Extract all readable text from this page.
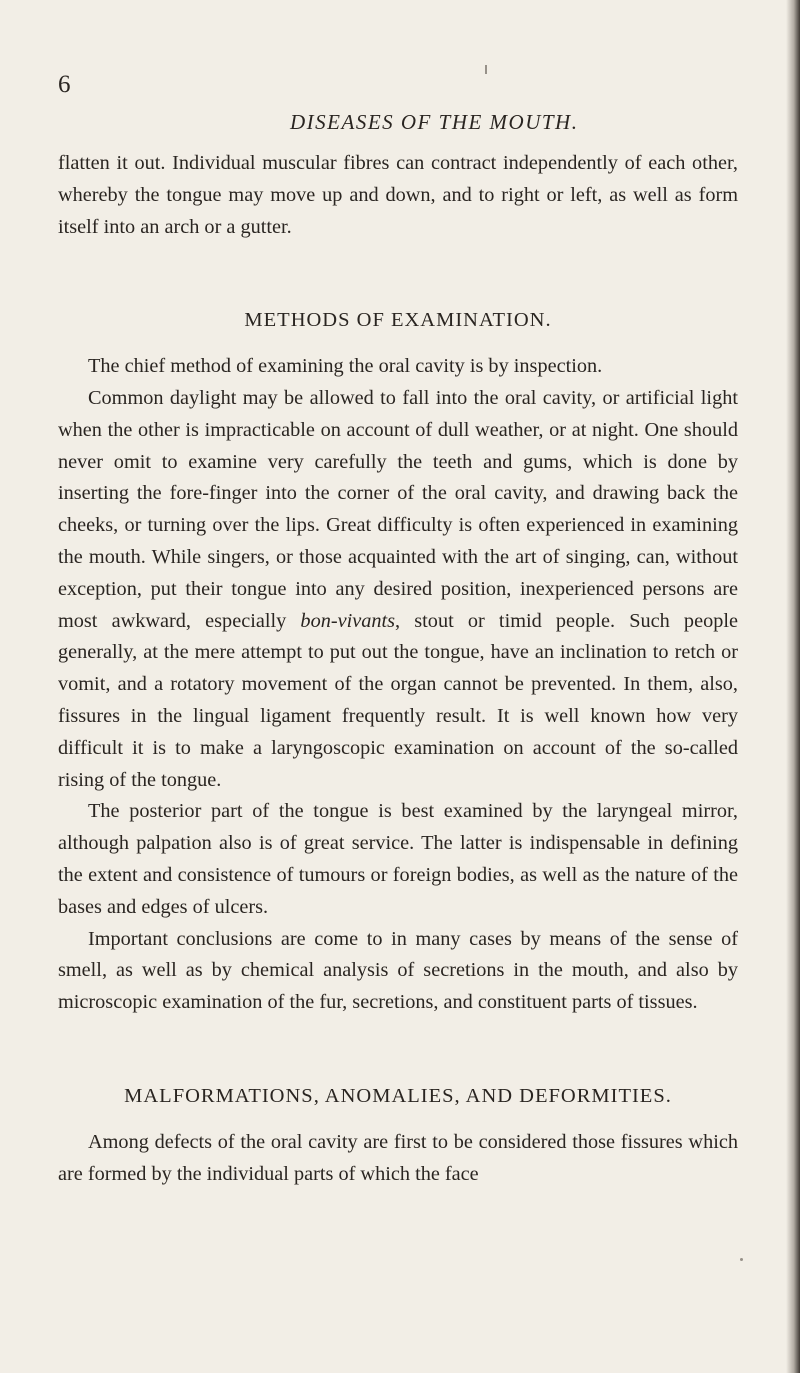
6
DISEASES OF THE MOUTH.

flatten it out. Individual muscular fibres can contract independently of each other, whereby the tongue may move up and down, and to right or left, as well as form itself into an arch or a gutter.

METHODS OF EXAMINATION.

The chief method of examining the oral cavity is by inspection.

Common daylight may be allowed to fall into the oral cavity, or artificial light when the other is impracticable on account of dull weather, or at night. One should never omit to examine very carefully the teeth and gums, which is done by inserting the fore-finger into the corner of the oral cavity, and drawing back the cheeks, or turning over the lips. Great difficulty is often experienced in examining the mouth. While singers, or those acquainted with the art of singing, can, without exception, put their tongue into any desired position, inexperienced persons are most awkward, especially bon-vivants, stout or timid people. Such people generally, at the mere attempt to put out the tongue, have an inclination to retch or vomit, and a rotatory movement of the organ cannot be prevented. In them, also, fissures in the lingual ligament frequently result. It is well known how very difficult it is to make a laryngoscopic examination on account of the so-called rising of the tongue.

The posterior part of the tongue is best examined by the laryngeal mirror, although palpation also is of great service. The latter is indispensable in defining the extent and consistence of tumours or foreign bodies, as well as the nature of the bases and edges of ulcers.

Important conclusions are come to in many cases by means of the sense of smell, as well as by chemical analysis of secretions in the mouth, and also by microscopic examination of the fur, secretions, and constituent parts of tissues.

MALFORMATIONS, ANOMALIES, AND DEFORMITIES.

Among defects of the oral cavity are first to be considered those fissures which are formed by the individual parts of which the face
